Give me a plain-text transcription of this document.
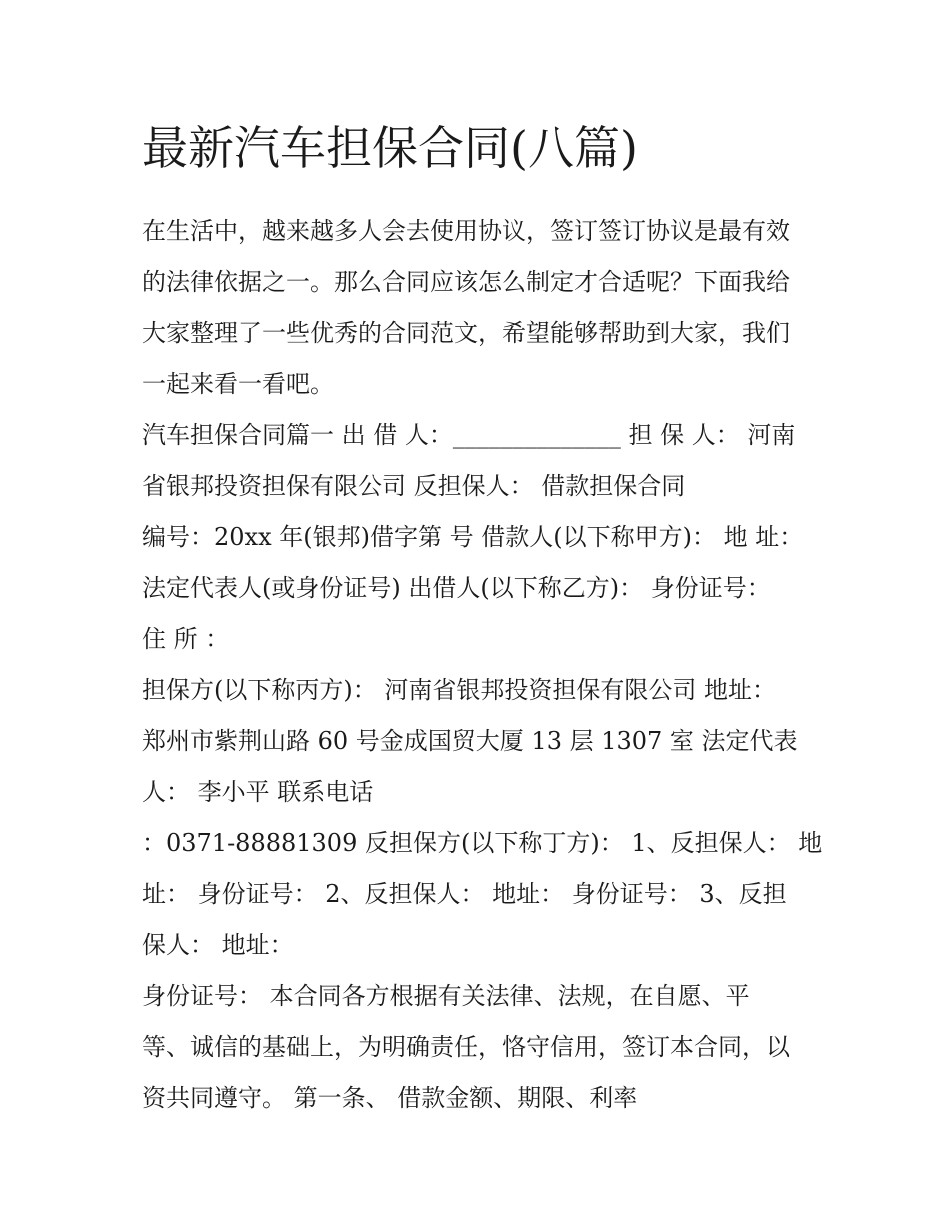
最新汽车担保合同(八篇)

在生活中，越来越多人会去使用协议，签订签订协议是最有效

的法律依据之一。那么合同应该怎么制定才合适呢？下面我给

大家整理了一些优秀的合同范文，希望能够帮助到大家，我们

一起来看一看吧。

汽车担保合同篇一 出 借 人：______________ 担 保 人： 河南

省银邦投资担保有限公司 反担保人： 借款担保合同

编号：20xx 年(银邦)借字第 号 借款人(以下称甲方)： 地 址：

法定代表人(或身份证号) 出借人(以下称乙方)： 身份证号：

住 所 ：

担保方(以下称丙方)： 河南省银邦投资担保有限公司 地址：

郑州市紫荆山路 60 号金成国贸大厦 13 层 1307 室 法定代表

人： 李小平 联系电话

：0371-88881309 反担保方(以下称丁方)： 1、反担保人： 地

址： 身份证号： 2、反担保人： 地址： 身份证号： 3、反担

保人： 地址：

身份证号： 本合同各方根据有关法律、法规，在自愿、平

等、诚信的基础上，为明确责任，恪守信用，签订本合同，以

资共同遵守。 第一条、 借款金额、期限、利率
